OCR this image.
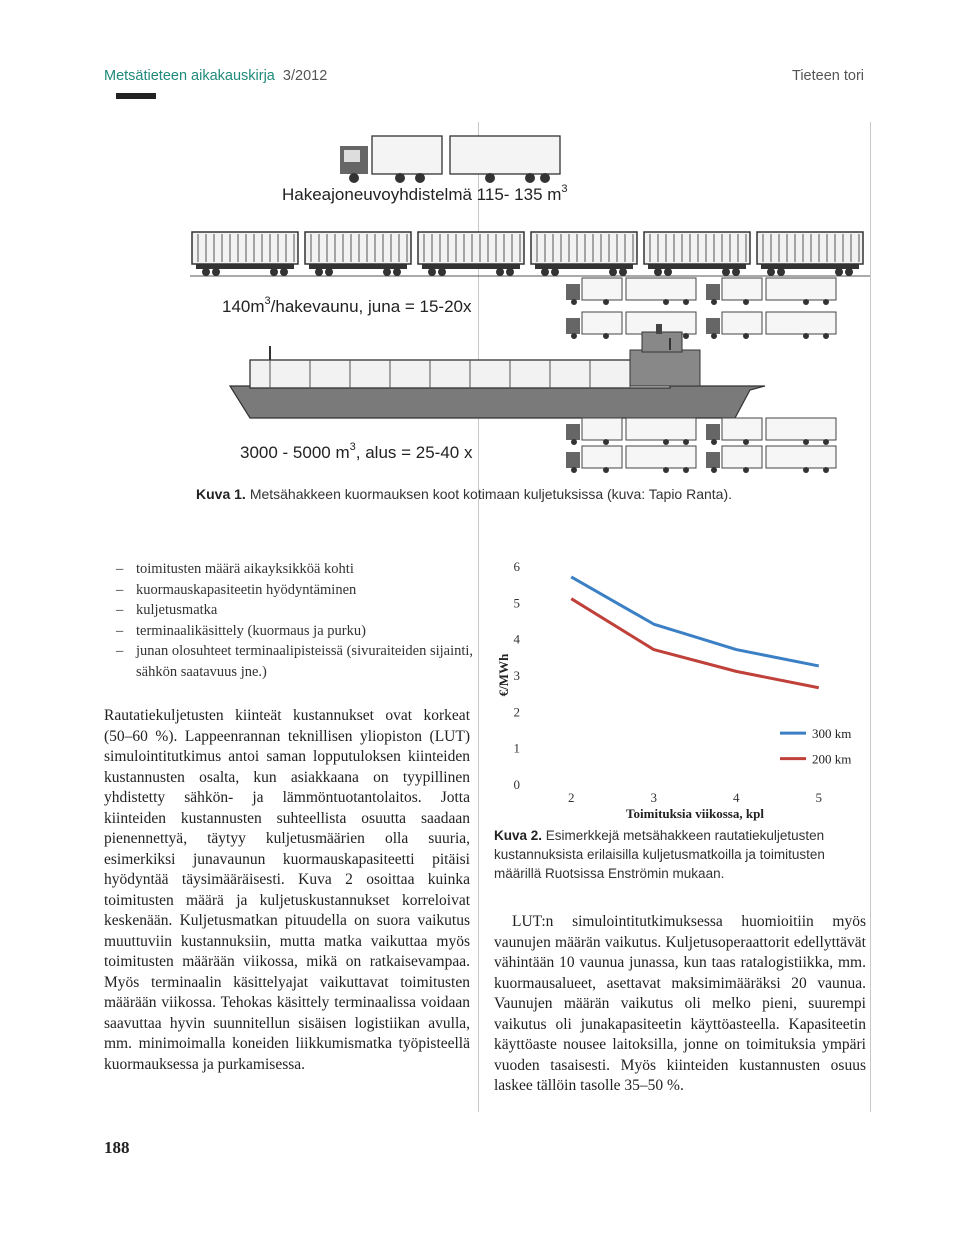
Metsätieteen aikakauskirja 3/2012	Tieteen tori
Hakeajoneuvoyhdistelmä 115- 135 $m^3$
$140m^3$/hakevaunu, juna = 15-20x
3000 - 5000 $m^3$, alus = 25-40 x
Kuva 1. Metsähakkeen kuormauksen koot kotimaan kuljetuksissa (kuva: Tapio Ranta).
– toimitusten määrä aikayksikköä kohti
– kuormauskapasiteetin hyödyntäminen
– kuljetusmatka
– terminaalikäsittely (kuormaus ja purku)
– junan olosuhteet terminaalipisteissä (sivuraiteiden sijainti, sähkön saatavuus jne.)
Rautatiekuljetusten kiinteät kustannukset ovat korkeat (50–60 %). Lappeenrannan teknillisen yliopiston (LUT) simulointitutkimus antoi saman lopputuloksen kiinteiden kustannusten osalta, kun asiakkaana on tyypillinen yhdistetty sähkön- ja lämmöntuotantolaitos. Jotta kiinteiden kustannusten suhteellista osuutta saadaan pienennettyä, täytyy kuljetusmäärien olla suuria, esimerkiksi junavaunun kuormauskapasiteetti pitäisi hyödyntää täysimääräisesti. Kuva 2 osoittaa kuinka toimitusten määrä ja kuljetuskustannukset korreloivat keskenään. Kuljetusmatkan pituudella on suora vaikutus muuttuviin kustannuksiin, mutta matka vaikuttaa myös toimitusten määrään viikossa, mikä on ratkaisevampaa. Myös terminaalin käsittelyajat vaikuttavat toimitusten määrään viikossa. Tehokas käsittely terminaalissa voidaan saavuttaa hyvin suunnitellun sisäisen logistiikan avulla, mm. minimoimalla koneiden liikkumismatka työpisteellä kuormauksessa ja purkamisessa.
188
0
1
2
3
4
5
6
2	3	4	5
Toimituksia viikossa, kpl
€/MWh
300 km
200 km
Kuva 2. Esimerkkejä metsähakkeen rautatiekuljetusten kustannuksista erilaisilla kuljetusmatkoilla ja toimitusten määrillä Ruotsissa Enströmin mukaan.
LUT:n simulointitutkimuksessa huomioitiin myös vaunujen määrän vaikutus. Kuljetusoperaattorit edellyttävät vähintään 10 vaunua junassa, kun taas ratalogistiikka, mm. kuormausalueet, asettavat maksimimääräksi 20 vaunua. Vaunujen määrän vaikutus oli melko pieni, suurempi vaikutus oli junakapasiteetin käyttöasteella. Kapasiteetin käyttöaste nousee laitoksilla, jonne on toimituksia ympäri vuoden tasaisesti. Myös kiinteiden kustannusten osuus laskee tällöin tasolle 35–50 %.
